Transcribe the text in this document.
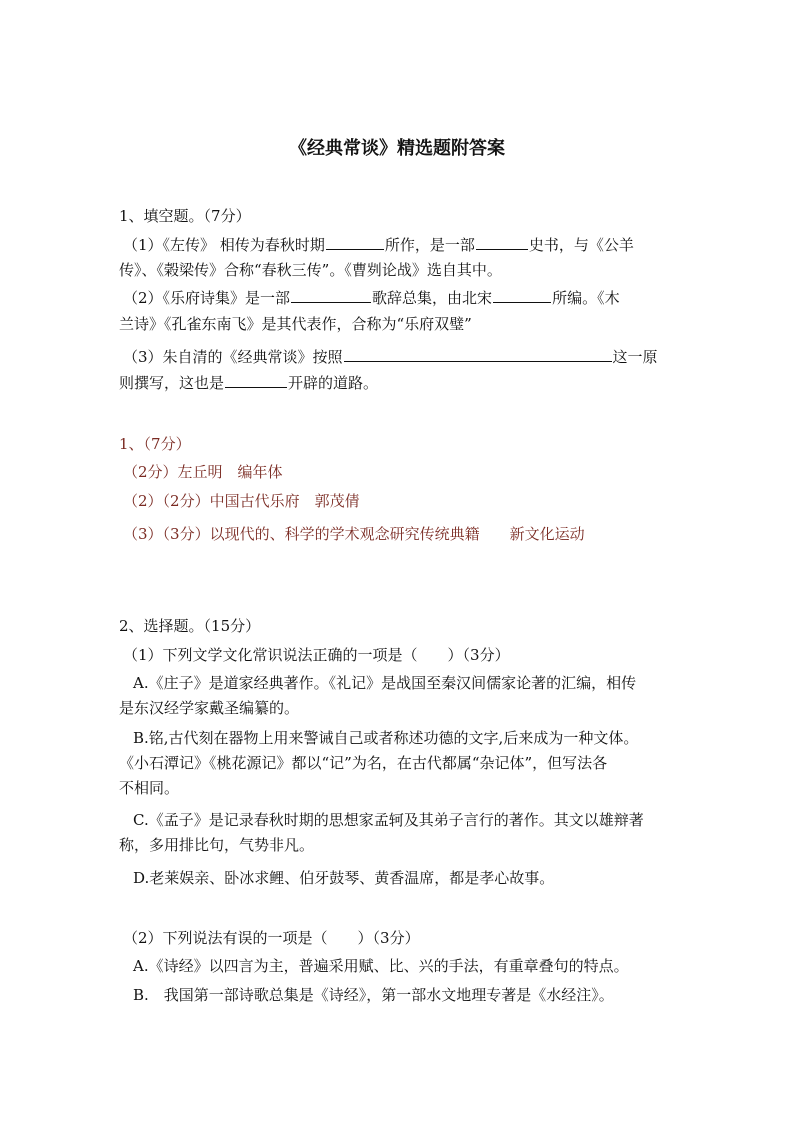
《经典常谈》精选题附答案
1、填空题。（7分）
（1）《左传》 相传为春秋时期	所作，是一部	史书，与《公羊
传》、《榖梁传》合称“春秋三传”。《曹刿论战》选自其中。
（2）《乐府诗集》是一部	歌辞总集，由北宋	所编。《木
兰诗》《孔雀东南飞》是其代表作，合称为“乐府双璧”
（3）朱自清的《经典常谈》按照	这一原
则撰写，这也是	开辟的道路。
1、（7分）
（2分）左丘明　编年体
（2）（2分）中国古代乐府　郭茂倩
（3）（3分）以现代的、科学的学术观念研究传统典籍　　新文化运动
2、选择题。（15分）
（1）下列文学文化常识说法正确的一项是（　　）（3分）
A.《庄子》是道家经典著作。《礼记》是战国至秦汉间儒家论著的汇编，相传
是东汉经学家戴圣编纂的。
B.铭,古代刻在器物上用来警诫自己或者称述功德的文字,后来成为一种文体。
《小石潭记》《桃花源记》都以“记”为名，在古代都属“杂记体”，但写法各
不相同。
C.《孟子》是记录春秋时期的思想家孟轲及其弟子言行的著作。其文以雄辩著
称，多用排比句，气势非凡。
D.老莱娱亲、卧冰求鲤、伯牙鼓琴、黄香温席，都是孝心故事。
（2）下列说法有误的一项是（　　）（3分）
A.《诗经》以四言为主，普遍采用赋、比、兴的手法，有重章叠句的特点。
B.　我国第一部诗歌总集是《诗经》，第一部水文地理专著是《水经注》。
